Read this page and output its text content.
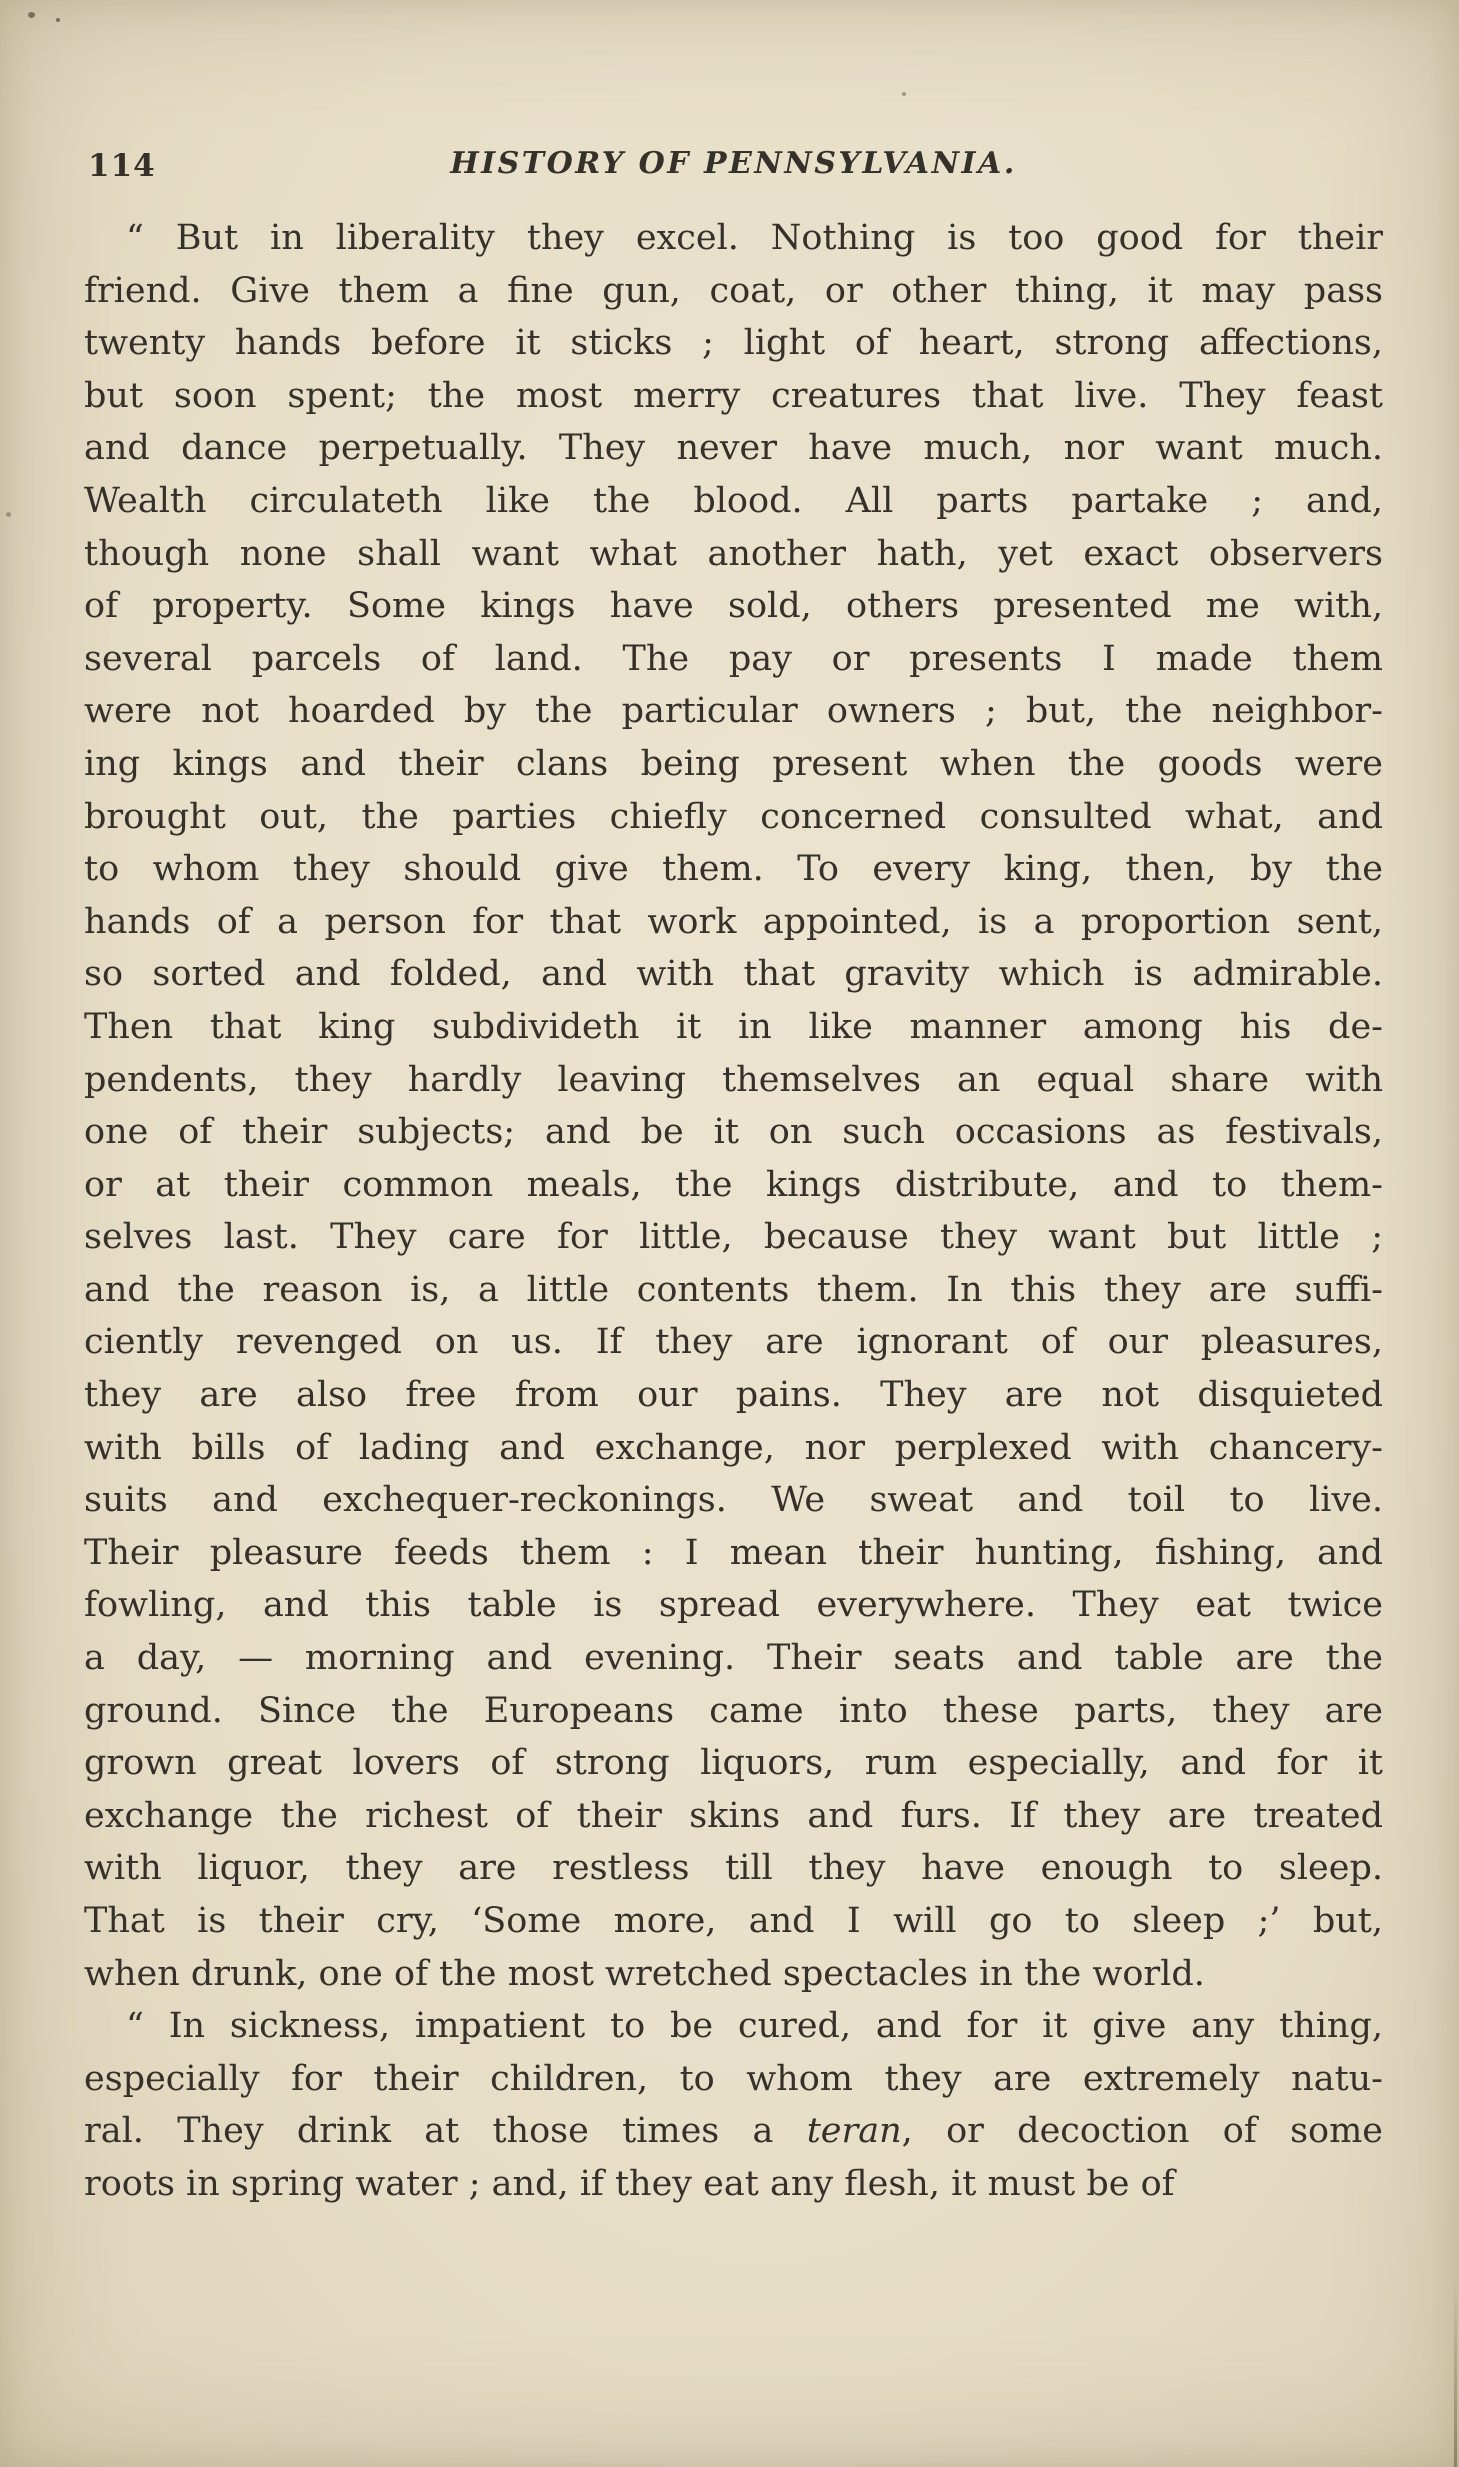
114	HISTORY OF PENNSYLVANIA.
“ But in liberality they excel. Nothing is too good for their
friend. Give them a fine gun, coat, or other thing, it may pass
twenty hands before it sticks ; light of heart, strong affections,
but soon spent; the most merry creatures that live. They feast
and dance perpetually. They never have much, nor want much.
Wealth circulateth like the blood. All parts partake ; and,
though none shall want what another hath, yet exact observers
of property. Some kings have sold, others presented me with,
several parcels of land. The pay or presents I made them
were not hoarded by the particular owners ; but, the neighbor-
ing kings and their clans being present when the goods were
brought out, the parties chiefly concerned consulted what, and
to whom they should give them. To every king, then, by the
hands of a person for that work appointed, is a proportion sent,
so sorted and folded, and with that gravity which is admirable.
Then that king subdivideth it in like manner among his de-
pendents, they hardly leaving themselves an equal share with
one of their subjects; and be it on such occasions as festivals,
or at their common meals, the kings distribute, and to them-
selves last. They care for little, because they want but little ;
and the reason is, a little contents them. In this they are suffi-
ciently revenged on us. If they are ignorant of our pleasures,
they are also free from our pains. They are not disquieted
with bills of lading and exchange, nor perplexed with chancery-
suits and exchequer-reckonings. We sweat and toil to live.
Their pleasure feeds them : I mean their hunting, fishing, and
fowling, and this table is spread everywhere. They eat twice
a day, — morning and evening. Their seats and table are the
ground. Since the Europeans came into these parts, they are
grown great lovers of strong liquors, rum especially, and for it
exchange the richest of their skins and furs. If they are treated
with liquor, they are restless till they have enough to sleep.
That is their cry, ‘Some more, and I will go to sleep ;’ but,
when drunk, one of the most wretched spectacles in the world.
“ In sickness, impatient to be cured, and for it give any thing,
especially for their children, to whom they are extremely natu-
ral. They drink at those times a teran, or decoction of some
roots in spring water ; and, if they eat any flesh, it must be of
